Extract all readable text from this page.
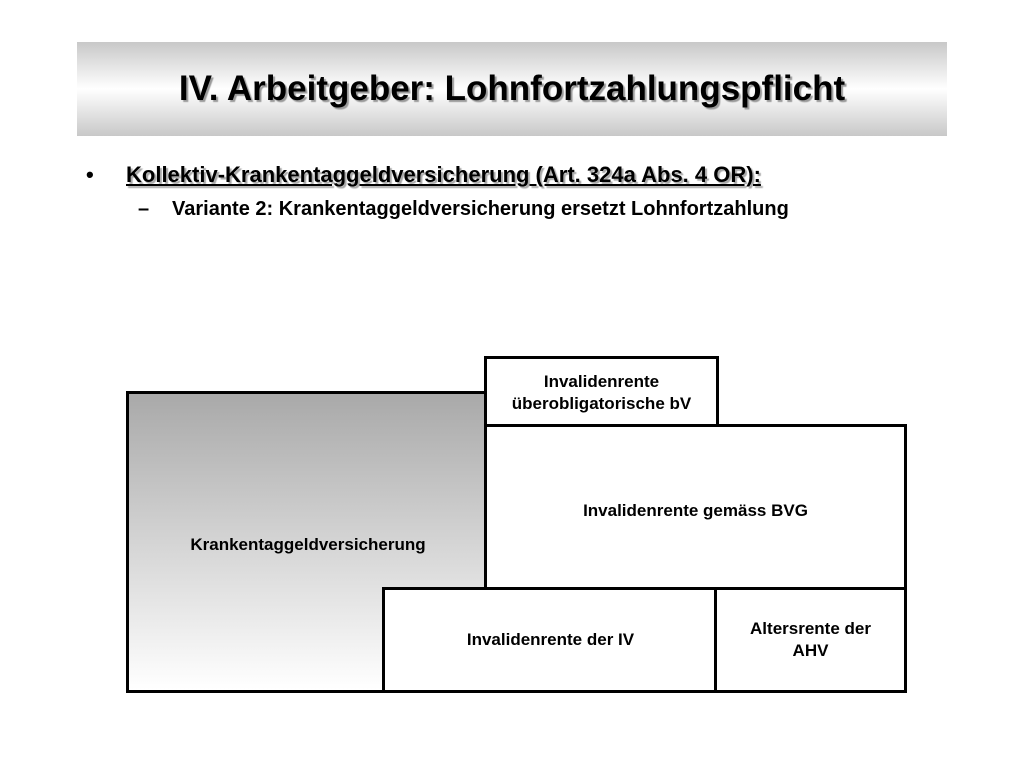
IV. Arbeitgeber: Lohnfortzahlungspflicht
• Kollektiv-Krankentaggeldversicherung (Art. 324a Abs. 4 OR):
– Variante 2: Krankentaggeldversicherung ersetzt Lohnfortzahlung
Krankentaggeldversicherung
Invalidenrente
überobligatorische bV
Invalidenrente gemäss BVG
Invalidenrente der IV
Altersrente der
AHV
